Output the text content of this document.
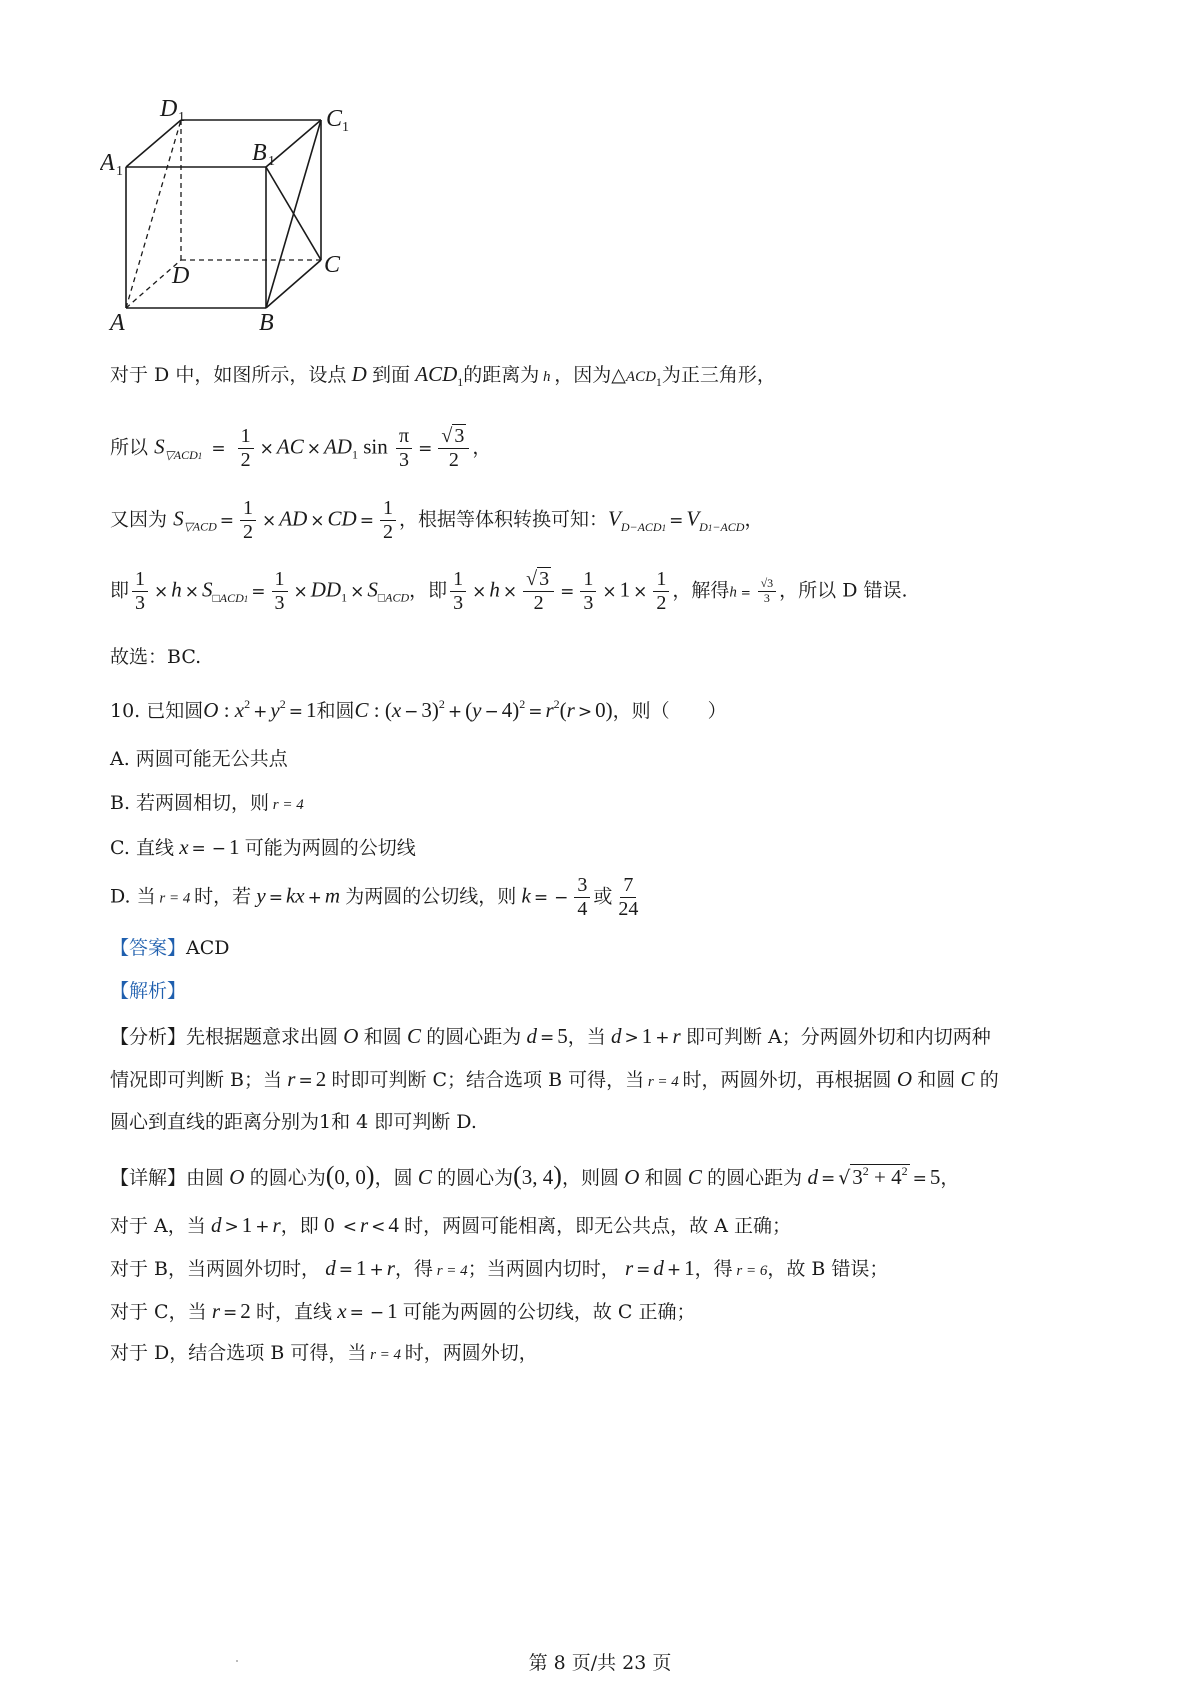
D 1	C 1
A 1
B 1
D	C
A	B
对于 D 中，如图所示，设点 D 到面 $ACD_1$的距离为 h ，因为$\triangle ACD_1$为正三角形，
所以 $S_{▽ACD1} = \frac{1}{2}$ × AC × $AD_1$ $\sin \frac{\pi}{3} = \frac{√ 3}{2}$ ，
又因为 $S_{▽ACD} = \frac{1}{2}$ × AD × CD = $\frac{1}{2}$ ，根据等体积转换可知：$V_{D-ACD1} = V_{D1-ACD}$，
即 $\frac{1}{3} \times h \times S_{□ACD1} = \frac{1}{3} \times DD_1 \times S_{□ACD}$，即 $\frac{1}{3} \times h \times \frac{√ 3}{2} = \frac{1}{3} \times 1 \times \frac{1}{2}$ ，解得$h = \frac{√3}{3}$ ，所以 D 错误.
故选：BC.
10. 已知圆O : $x^2 + y^2 = 1$和圆C : $(x - 3)^2 + (y - 4)^2 = r^2(r > 0)$，则（　　）
A. 两圆可能无公共点
B. 若两圆相切，则 r = 4
C. 直线 x = − 1 可能为两圆的公切线
D. 当 r = 4 时，若 y = kx + m 为两圆的公切线，则 k = − $\frac{3}{4}$ 或 $\frac{7}{24}$
【答案】ACD
【解析】
【分析】先根据题意求出圆 O 和圆 C 的圆心距为 d = 5，当 d > 1 + r 即可判断 A；分两圆外切和内切两种
情况即可判断 B；当 r = 2 时即可判断 C；结合选项 B 可得，当 r = 4 时，两圆外切，再根据圆 O 和圆 C 的
圆心到直线的距离分别为1和 4 即可判断 D.
【详解】由圆 O 的圆心为(0, 0)，圆 C 的圆心为(3, 4)，则圆 O 和圆 C 的圆心距为 $d = √3^2 + 4^2 = 5$，
对于 A，当 d > 1 + r，即 0 < r < 4 时，两圆可能相离，即无公共点，故 A 正确；
对于 B，当两圆外切时， d = 1 + r，得 r = 4；当两圆内切时， r = d + 1，得 r = 6，故 B 错误；
对于 C，当 r = 2 时，直线 x = − 1 可能为两圆的公切线，故 C 正确；
对于 D，结合选项 B 可得，当 r = 4 时，两圆外切，
第 8 页/共 23 页
